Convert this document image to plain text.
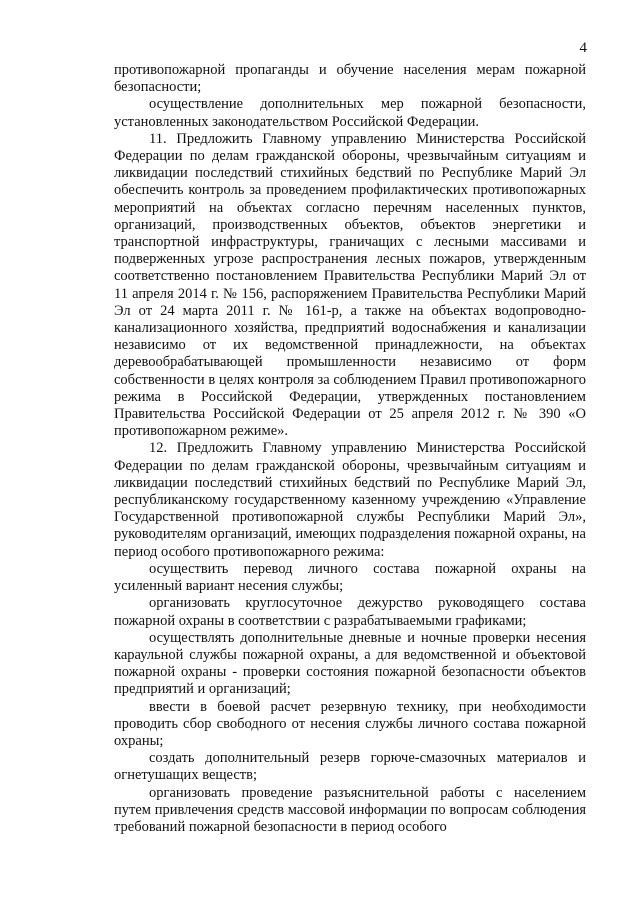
4

противопожарной пропаганды и обучение населения мерам пожарной безопасности;

осуществление дополнительных мер пожарной безопасности, установленных законодательством Российской Федерации.

11. Предложить Главному управлению Министерства Российской Федерации по делам гражданской обороны, чрезвычайным ситуациям и ликвидации последствий стихийных бедствий по Республике Марий Эл обеспечить контроль за проведением профилактических противопожарных мероприятий на объектах согласно перечням населенных пунктов, организаций, производственных объектов, объектов энергетики и транспортной инфраструктуры, граничащих с лесными массивами и подверженных угрозе распространения лесных пожаров, утвержденным соответственно постановлением Правительства Республики Марий Эл от 11 апреля 2014 г. № 156, распоряжением Правительства Республики Марий Эл от 24 марта 2011 г. № 161-р, а также на объектах водопроводно-канализационного хозяйства, предприятий водоснабжения и канализации независимо от их ведомственной принадлежности, на объектах деревообрабатывающей промышленности независимо от форм собственности в целях контроля за соблюдением Правил противопожарного режима в Российской Федерации, утвержденных постановлением Правительства Российской Федерации от 25 апреля 2012 г. № 390 «О противопожарном режиме».

12. Предложить Главному управлению Министерства Российской Федерации по делам гражданской обороны, чрезвычайным ситуациям и ликвидации последствий стихийных бедствий по Республике Марий Эл, республиканскому государственному казенному учреждению «Управление Государственной противопожарной службы Республики Марий Эл», руководителям организаций, имеющих подразделения пожарной охраны, на период особого противопожарного режима:

осуществить перевод личного состава пожарной охраны на усиленный вариант несения службы;

организовать круглосуточное дежурство руководящего состава пожарной охраны в соответствии с разрабатываемыми графиками;

осуществлять дополнительные дневные и ночные проверки несения караульной службы пожарной охраны, а для ведомственной и объектовой пожарной охраны - проверки состояния пожарной безопасности объектов предприятий и организаций;

ввести в боевой расчет резервную технику, при необходимости проводить сбор свободного от несения службы личного состава пожарной охраны;

создать дополнительный резерв горюче-смазочных материалов и огнетушащих веществ;

организовать проведение разъяснительной работы с населением путем привлечения средств массовой информации по вопросам соблюдения требований пожарной безопасности в период особого
